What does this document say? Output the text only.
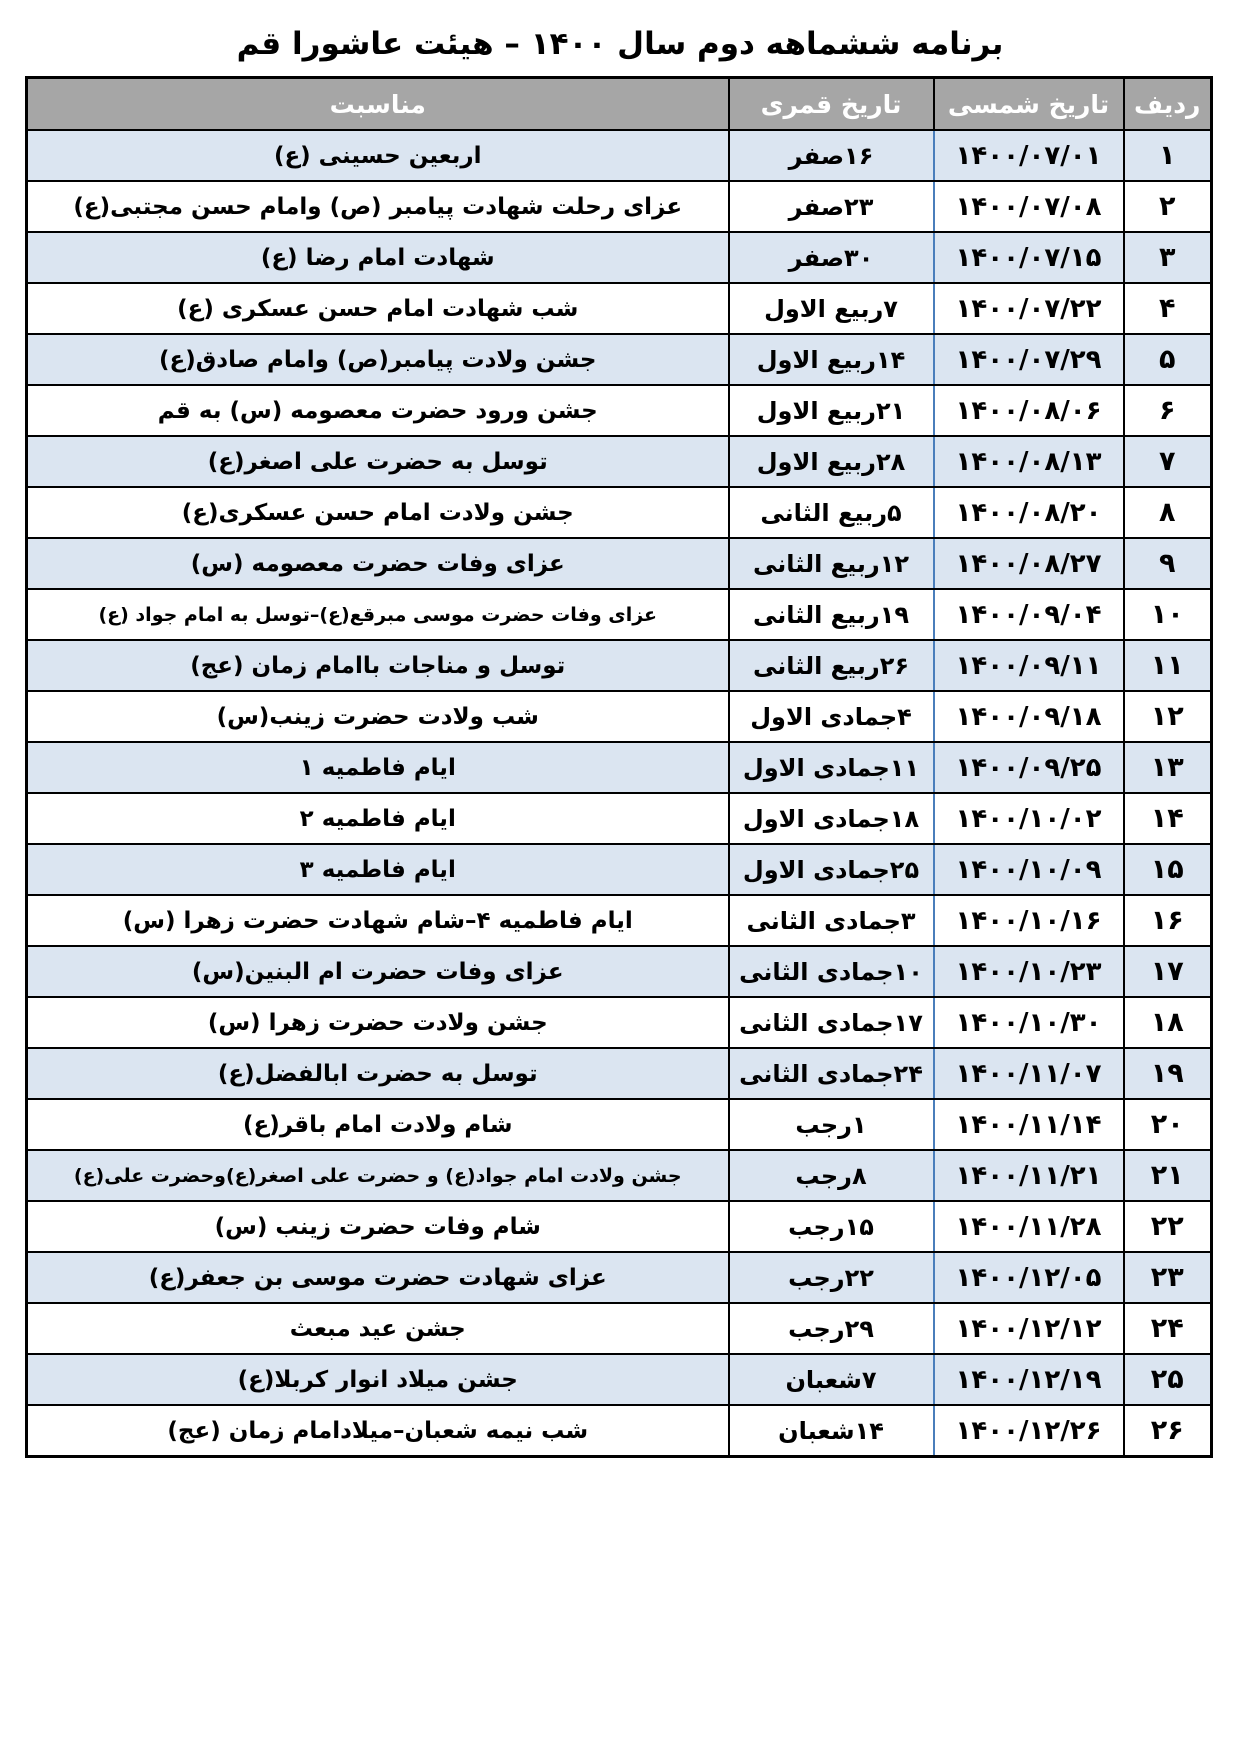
برنامه ششماهه دوم سال ۱۴۰۰ – هیئت عاشورا قم
ردیف	تاریخ شمسی	تاریخ قمری	مناسبت
۱	۱۴۰۰/۰۷/۰۱	۱۶صفر	اربعین حسینی (ع)
۲	۱۴۰۰/۰۷/۰۸	۲۳صفر	عزای رحلت شهادت پیامبر (ص) وامام حسن مجتبی(ع)
۳	۱۴۰۰/۰۷/۱۵	۳۰صفر	شهادت امام رضا (ع)
۴	۱۴۰۰/۰۷/۲۲	۷ربیع الاول	شب شهادت امام حسن عسکری (ع)
۵	۱۴۰۰/۰۷/۲۹	۱۴ربیع الاول	جشن ولادت پیامبر(ص) وامام صادق(ع)
۶	۱۴۰۰/۰۸/۰۶	۲۱ربیع الاول	جشن ورود حضرت معصومه (س) به قم
۷	۱۴۰۰/۰۸/۱۳	۲۸ربیع الاول	توسل به حضرت علی اصغر(ع)
۸	۱۴۰۰/۰۸/۲۰	۵ربیع الثانی	جشن ولادت امام حسن عسکری(ع)
۹	۱۴۰۰/۰۸/۲۷	۱۲ربیع الثانی	عزای وفات حضرت معصومه (س)
۱۰	۱۴۰۰/۰۹/۰۴	۱۹ربیع الثانی	عزای وفات حضرت موسی مبرقع(ع)–توسل به امام جواد (ع)
۱۱	۱۴۰۰/۰۹/۱۱	۲۶ربیع الثانی	توسل و مناجات باامام زمان (عج)
۱۲	۱۴۰۰/۰۹/۱۸	۴جمادی الاول	شب ولادت حضرت زینب(س)
۱۳	۱۴۰۰/۰۹/۲۵	۱۱جمادی الاول	ایام فاطمیه ۱
۱۴	۱۴۰۰/۱۰/۰۲	۱۸جمادی الاول	ایام فاطمیه ۲
۱۵	۱۴۰۰/۱۰/۰۹	۲۵جمادی الاول	ایام فاطمیه ۳
۱۶	۱۴۰۰/۱۰/۱۶	۳جمادی الثانی	ایام فاطمیه ۴–شام شهادت حضرت زهرا (س)
۱۷	۱۴۰۰/۱۰/۲۳	۱۰جمادی الثانی	عزای وفات حضرت ام البنین(س)
۱۸	۱۴۰۰/۱۰/۳۰	۱۷جمادی الثانی	جشن ولادت حضرت زهرا (س)
۱۹	۱۴۰۰/۱۱/۰۷	۲۴جمادی الثانی	توسل به حضرت ابالفضل(ع)
۲۰	۱۴۰۰/۱۱/۱۴	۱رجب	شام ولادت امام باقر(ع)
۲۱	۱۴۰۰/۱۱/۲۱	۸رجب	جشن ولادت امام جواد(ع) و حضرت علی اصغر(ع)وحضرت علی(ع)
۲۲	۱۴۰۰/۱۱/۲۸	۱۵رجب	شام وفات حضرت زینب (س)
۲۳	۱۴۰۰/۱۲/۰۵	۲۲رجب	عزای شهادت حضرت موسی بن جعفر(ع)
۲۴	۱۴۰۰/۱۲/۱۲	۲۹رجب	جشن عید مبعث
۲۵	۱۴۰۰/۱۲/۱۹	۷شعبان	جشن میلاد انوار کربلا(ع)
۲۶	۱۴۰۰/۱۲/۲۶	۱۴شعبان	شب نیمه شعبان–میلادامام زمان (عج)
